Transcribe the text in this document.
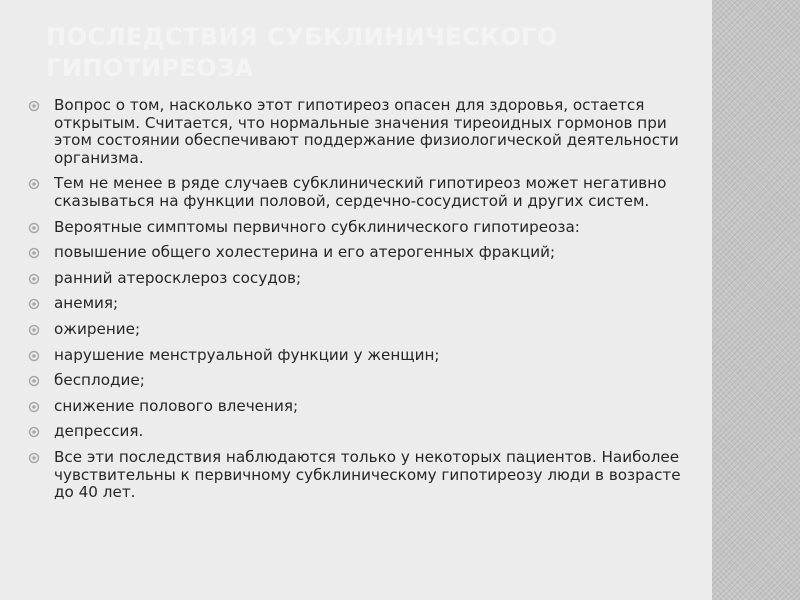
ПОСЛЕДСТВИЯ СУБКЛИНИЧЕСКОГО ГИПОТИРЕОЗА
Вопрос о том, насколько этот гипотиреоз опасен для здоровья, остается открытым. Считается, что нормальные значения тиреоидных гормонов при этом состоянии обеспечивают поддержание физиологической деятельности организма.
Тем не менее в ряде случаев субклинический гипотиреоз может негативно сказываться на функции половой, сердечно-сосудистой и других систем.
Вероятные симптомы первичного субклинического гипотиреоза:
повышение общего холестерина и его атерогенных фракций;
ранний атеросклероз сосудов;
анемия;
ожирение;
нарушение менструальной функции у женщин;
бесплодие;
снижение полового влечения;
депрессия.
Все эти последствия наблюдаются только у некоторых пациентов. Наиболее чувствительны к первичному субклиническому гипотиреозу люди в возрасте до 40 лет.
